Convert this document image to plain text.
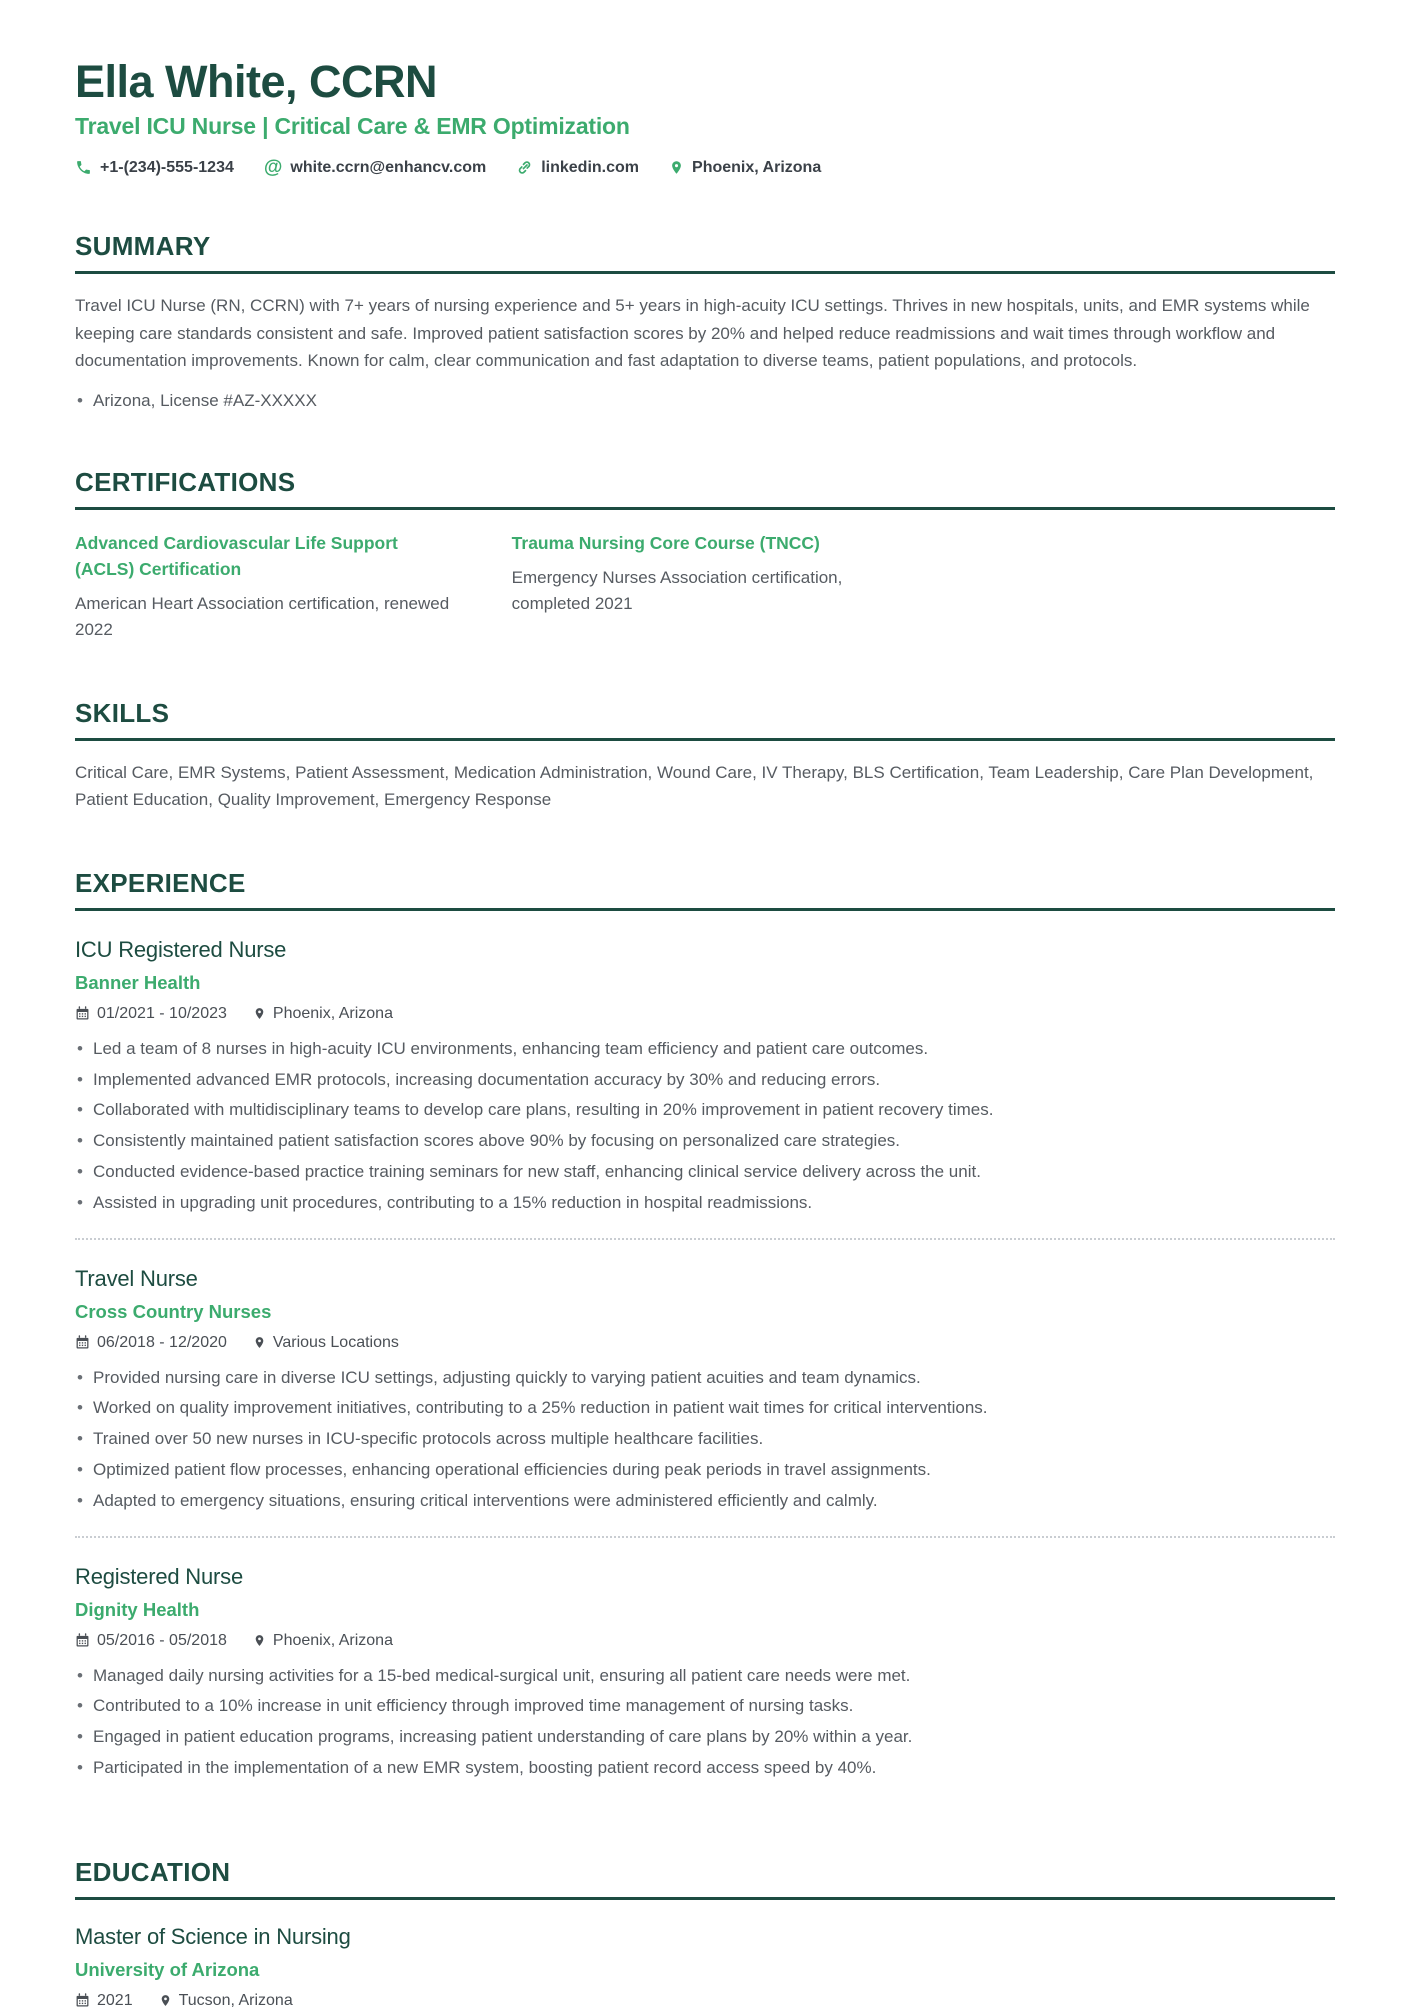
Ella White, CCRN
Travel ICU Nurse | Critical Care & EMR Optimization
+1-(234)-555-1234 @ white.ccrn@enhancv.com	linkedin.com	Phoenix, Arizona
SUMMARY

Travel ICU Nurse (RN, CCRN) with 7+ years of nursing experience and 5+ years in high-acuity ICU settings. Thrives in new hospitals, units, and EMR systems while keeping care standards consistent and safe. Improved patient satisfaction scores by 20% and helped reduce readmissions and wait times through workflow and documentation improvements. Known for calm, clear communication and fast adaptation to diverse teams, patient populations, and protocols.

• Arizona, License #AZ-XXXXX
CERTIFICATIONS
Advanced Cardiovascular Life Support (ACLS) Certification
American Heart Association certification, renewed 2022
Trauma Nursing Core Course (TNCC)
Emergency Nurses Association certification, completed 2021
SKILLS

Critical Care, EMR Systems, Patient Assessment, Medication Administration, Wound Care, IV Therapy, BLS Certification, Team Leadership, Care Plan Development, Patient Education, Quality Improvement, Emergency Response

EXPERIENCE
ICU Registered Nurse
Banner Health
01/2021 - 10/2023	Phoenix, Arizona
• Led a team of 8 nurses in high-acuity ICU environments, enhancing team efficiency and patient care outcomes.
• Implemented advanced EMR protocols, increasing documentation accuracy by 30% and reducing errors.
• Collaborated with multidisciplinary teams to develop care plans, resulting in 20% improvement in patient recovery times.
• Consistently maintained patient satisfaction scores above 90% by focusing on personalized care strategies.
• Conducted evidence-based practice training seminars for new staff, enhancing clinical service delivery across the unit.
• Assisted in upgrading unit procedures, contributing to a 15% reduction in hospital readmissions.
Travel Nurse
Cross Country Nurses
06/2018 - 12/2020	Various Locations
• Provided nursing care in diverse ICU settings, adjusting quickly to varying patient acuities and team dynamics.
• Worked on quality improvement initiatives, contributing to a 25% reduction in patient wait times for critical interventions.
• Trained over 50 new nurses in ICU-specific protocols across multiple healthcare facilities.
• Optimized patient flow processes, enhancing operational efficiencies during peak periods in travel assignments.
• Adapted to emergency situations, ensuring critical interventions were administered efficiently and calmly.
Registered Nurse
Dignity Health
05/2016 - 05/2018	Phoenix, Arizona
• Managed daily nursing activities for a 15-bed medical-surgical unit, ensuring all patient care needs were met.
• Contributed to a 10% increase in unit efficiency through improved time management of nursing tasks.
• Engaged in patient education programs, increasing patient understanding of care plans by 20% within a year.
• Participated in the implementation of a new EMR system, boosting patient record access speed by 40%.
EDUCATION
Master of Science in Nursing
University of Arizona
2021	Tucson, Arizona
